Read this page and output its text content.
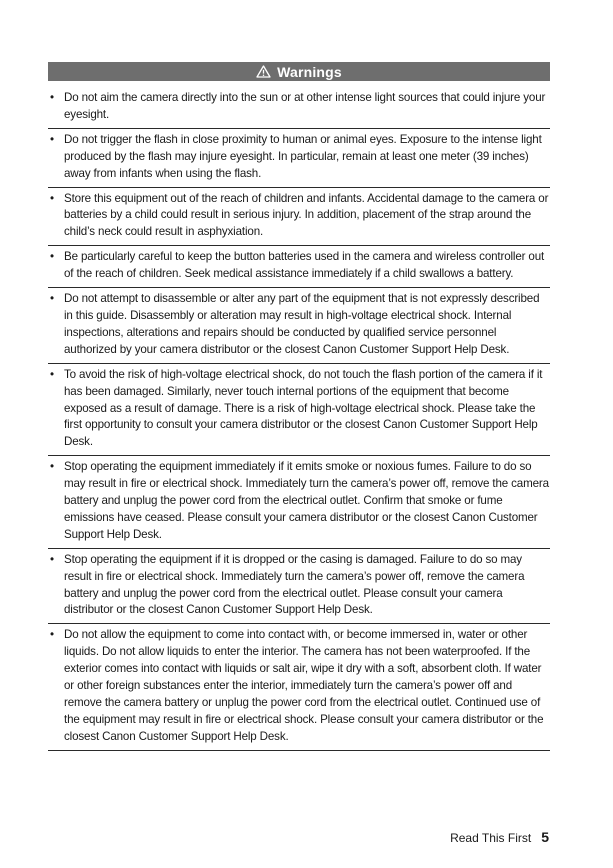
Warnings
• Do not aim the camera directly into the sun or at other intense light sources that could injure your eyesight.
• Do not trigger the flash in close proximity to human or animal eyes. Exposure to the intense light produced by the flash may injure eyesight. In particular, remain at least one meter (39 inches) away from infants when using the flash.
• Store this equipment out of the reach of children and infants. Accidental damage to the camera or batteries by a child could result in serious injury. In addition, placement of the strap around the child’s neck could result in asphyxiation.
• Be particularly careful to keep the button batteries used in the camera and wireless controller out of the reach of children. Seek medical assistance immediately if a child swallows a battery.
• Do not attempt to disassemble or alter any part of the equipment that is not expressly described in this guide. Disassembly or alteration may result in high-voltage electrical shock. Internal inspections, alterations and repairs should be conducted by qualified service personnel authorized by your camera distributor or the closest Canon Customer Support Help Desk.
• To avoid the risk of high-voltage electrical shock, do not touch the flash portion of the camera if it has been damaged. Similarly, never touch internal portions of the equipment that become exposed as a result of damage. There is a risk of high-voltage electrical shock. Please take the first opportunity to consult your camera distributor or the closest Canon Customer Support Help Desk.
• Stop operating the equipment immediately if it emits smoke or noxious fumes. Failure to do so may result in fire or electrical shock. Immediately turn the camera’s power off, remove the camera battery and unplug the power cord from the electrical outlet. Confirm that smoke or fume emissions have ceased. Please consult your camera distributor or the closest Canon Customer Support Help Desk.
• Stop operating the equipment if it is dropped or the casing is damaged. Failure to do so may result in fire or electrical shock. Immediately turn the camera’s power off, remove the camera battery and unplug the power cord from the electrical outlet. Please consult your camera distributor or the closest Canon Customer Support Help Desk.
• Do not allow the equipment to come into contact with, or become immersed in, water or other liquids. Do not allow liquids to enter the interior. The camera has not been waterproofed. If the exterior comes into contact with liquids or salt air, wipe it dry with a soft, absorbent cloth. If water or other foreign substances enter the interior, immediately turn the camera’s power off and remove the camera battery or unplug the power cord from the electrical outlet. Continued use of the equipment may result in fire or electrical shock. Please consult your camera distributor or the closest Canon Customer Support Help Desk.
Read This First 5
